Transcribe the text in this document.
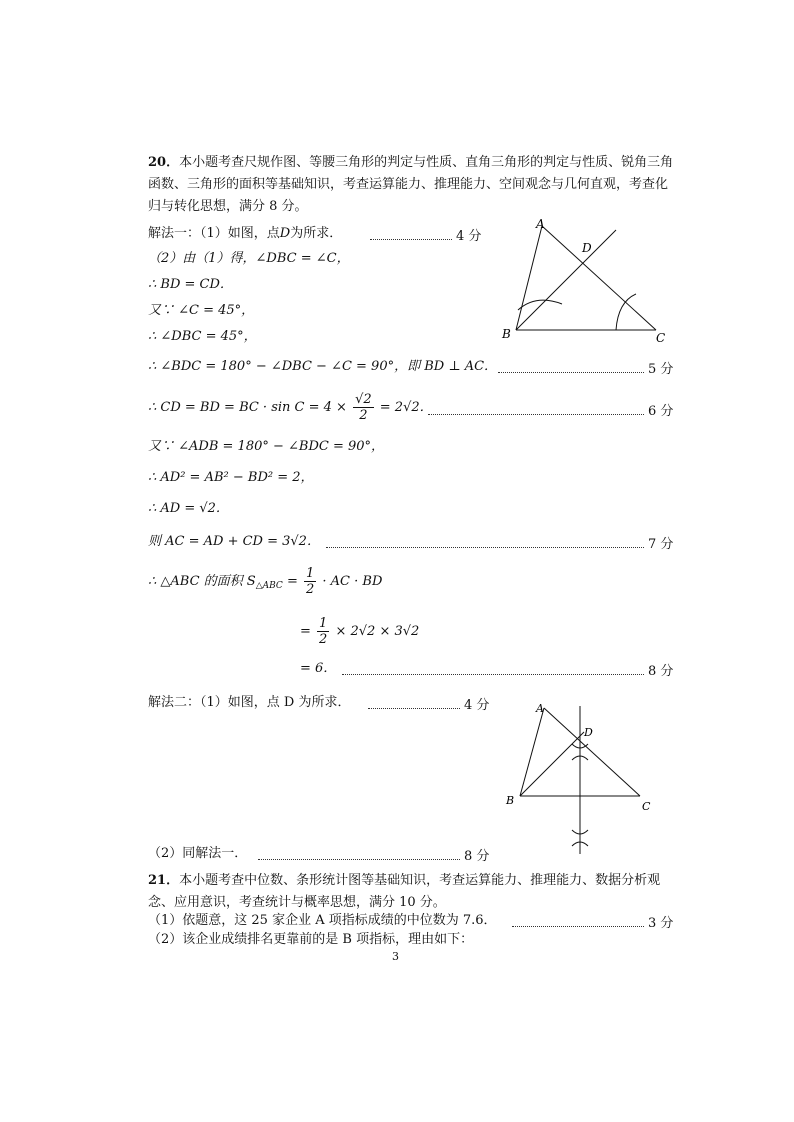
20．本小题考查尺规作图、等腰三角形的判定与性质、直角三角形的判定与性质、锐角三角函数、三角形的面积等基础知识，考查运算能力、推理能力、空间观念与几何直观，考查化归与转化思想，满分 8 分。
解法一：（1）如图，点D为所求．	4 分
（2）由（1）得，∠DBC = ∠C，
∴ BD = CD．
又∵ ∠C = 45°，
∴ ∠DBC = 45°，
∴ ∠BDC = 180° − ∠DBC − ∠C = 90°，即 BD ⊥ AC．	5 分
∴ CD = BD = BC · $\sin C = 4 \times \frac{√2}{2} = 2√2$．	6 分
又∵ ∠ADB = 180° − ∠BDC = 90°，
∴ AD² = AB² − BD² = 2，
∴ AD = √2．
则 AC = AD + CD = 3√2．	7 分
∴ △ABC 的面积 $S_{\triangle ABC} = \frac{1}{2}$ · AC · BD
= $\frac{1}{2} \times 2√2 \times 3√2$
= 6．	8 分
解法二：（1）如图，点 D 为所求．	4 分
（2）同解法一．	8 分
A
B	C
D
A
B	C
D
21．本小题考查中位数、条形统计图等基础知识，考查运算能力、推理能力、数据分析观念、应用意识，考查统计与概率思想，满分 10 分。
（1）依题意，这 25 家企业 A 项指标成绩的中位数为 7.6．	3 分
（2）该企业成绩排名更靠前的是 B 项指标，理由如下：
3
